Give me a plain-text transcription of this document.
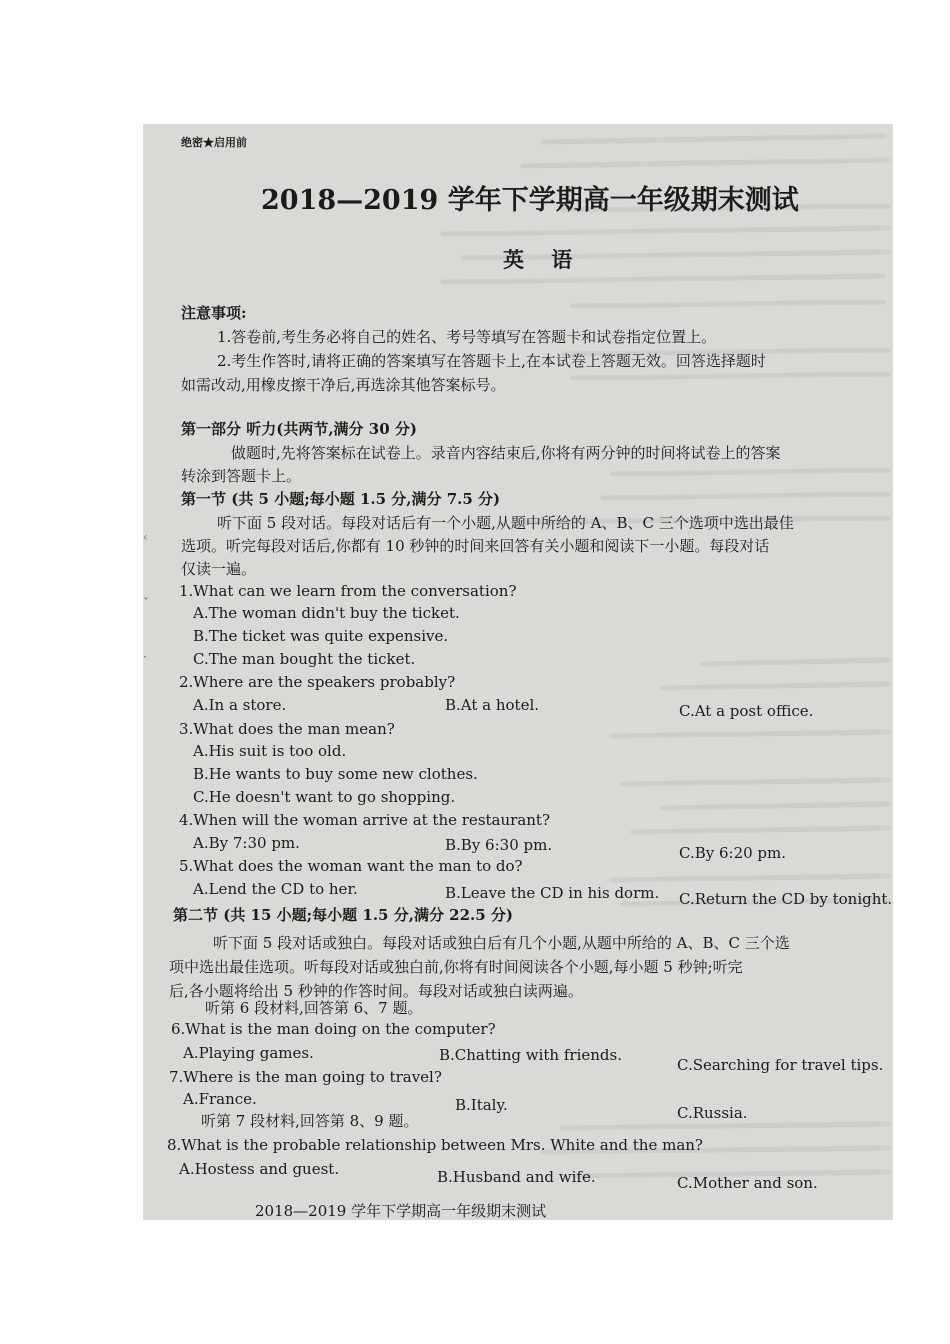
绝密★启用前
2018—2019 学年下学期高一年级期末测试
英 语
注意事项:
1.答卷前,考生务必将自己的姓名、考号等填写在答题卡和试卷指定位置上。
2.考生作答时,请将正确的答案填写在答题卡上,在本试卷上答题无效。回答选择题时
如需改动,用橡皮擦干净后,再选涂其他答案标号。
第一部分 听力(共两节,满分 30 分)
做题时,先将答案标在试卷上。录音内容结束后,你将有两分钟的时间将试卷上的答案
转涂到答题卡上。
第一节 (共 5 小题;每小题 1.5 分,满分 7.5 分)
听下面 5 段对话。每段对话后有一个小题,从题中所给的 A、B、C 三个选项中选出最佳
选项。听完每段对话后,你都有 10 秒钟的时间来回答有关小题和阅读下一小题。每段对话
仅读一遍。
1.What can we learn from the conversation?
A.The woman didn't buy the ticket.
B.The ticket was quite expensive.
C.The man bought the ticket.
2.Where are the speakers probably?
A.In a store.	B.At a hotel.	C.At a post office.
3.What does the man mean?
A.His suit is too old.
B.He wants to buy some new clothes.
C.He doesn't want to go shopping.
4.When will the woman arrive at the restaurant?
A.By 7:30 pm.	B.By 6:30 pm.	C.By 6:20 pm.
5.What does the woman want the man to do?
A.Lend the CD to her.	B.Leave the CD in his dorm. C.Return the CD by tonight.
第二节 (共 15 小题;每小题 1.5 分,满分 22.5 分)
听下面 5 段对话或独白。每段对话或独白后有几个小题,从题中所给的 A、B、C 三个选
项中选出最佳选项。听每段对话或独白前,你将有时间阅读各个小题,每小题 5 秒钟;听完
后,各小题将给出 5 秒钟的作答时间。每段对话或独白读两遍。
听第 6 段材料,回答第 6、7 题。
6.What is the man doing on the computer?
A.Playing games.	B.Chatting with friends.
C.Searching for travel tips.
7.Where is the man going to travel?
A.France.	B.Italy.	C.Russia.
听第 7 段材料,回答第 8、9 题。
8.What is the probable relationship between Mrs. White and the man?
A.Hostess and guest.	B.Husband and wife.	C.Mother and son.
2018—2019 学年下学期高一年级期末测试
‹
ˇ
·
